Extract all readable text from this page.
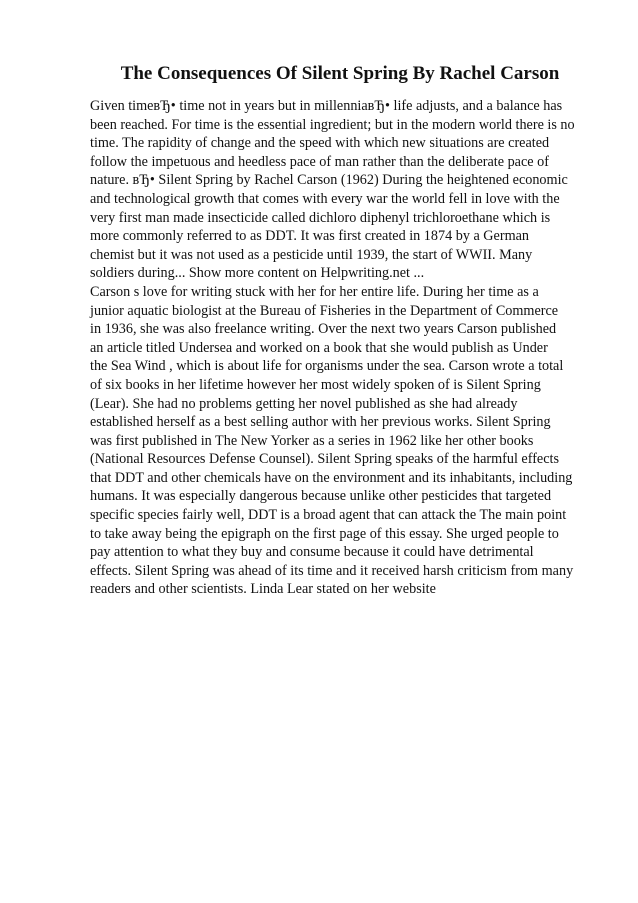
The Consequences Of Silent Spring By Rachel Carson
Given timeвЂ• time not in years but in millenniaвЂ• life adjusts, and a balance has
been reached. For time is the essential ingredient; but in the modern world there is no
time. The rapidity of change and the speed with which new situations are created
follow the impetuous and heedless pace of man rather than the deliberate pace of
nature. вЂ• Silent Spring by Rachel Carson (1962) During the heightened economic
and technological growth that comes with every war the world fell in love with the
very first man made insecticide called dichloro diphenyl trichloroethane which is
more commonly referred to as DDT. It was first created in 1874 by a German
chemist but it was not used as a pesticide until 1939, the start of WWII. Many
soldiers during... Show more content on Helpwriting.net ...
Carson s love for writing stuck with her for her entire life. During her time as a
junior aquatic biologist at the Bureau of Fisheries in the Department of Commerce
in 1936, she was also freelance writing. Over the next two years Carson published
an article titled Undersea and worked on a book that she would publish as Under
the Sea Wind , which is about life for organisms under the sea. Carson wrote a total
of six books in her lifetime however her most widely spoken of is Silent Spring
(Lear). She had no problems getting her novel published as she had already
established herself as a best selling author with her previous works. Silent Spring
was first published in The New Yorker as a series in 1962 like her other books
(National Resources Defense Counsel). Silent Spring speaks of the harmful effects
that DDT and other chemicals have on the environment and its inhabitants, including
humans. It was especially dangerous because unlike other pesticides that targeted
specific species fairly well, DDT is a broad agent that can attack the The main point
to take away being the epigraph on the first page of this essay. She urged people to
pay attention to what they buy and consume because it could have detrimental
effects. Silent Spring was ahead of its time and it received harsh criticism from many
readers and other scientists. Linda Lear stated on her website
